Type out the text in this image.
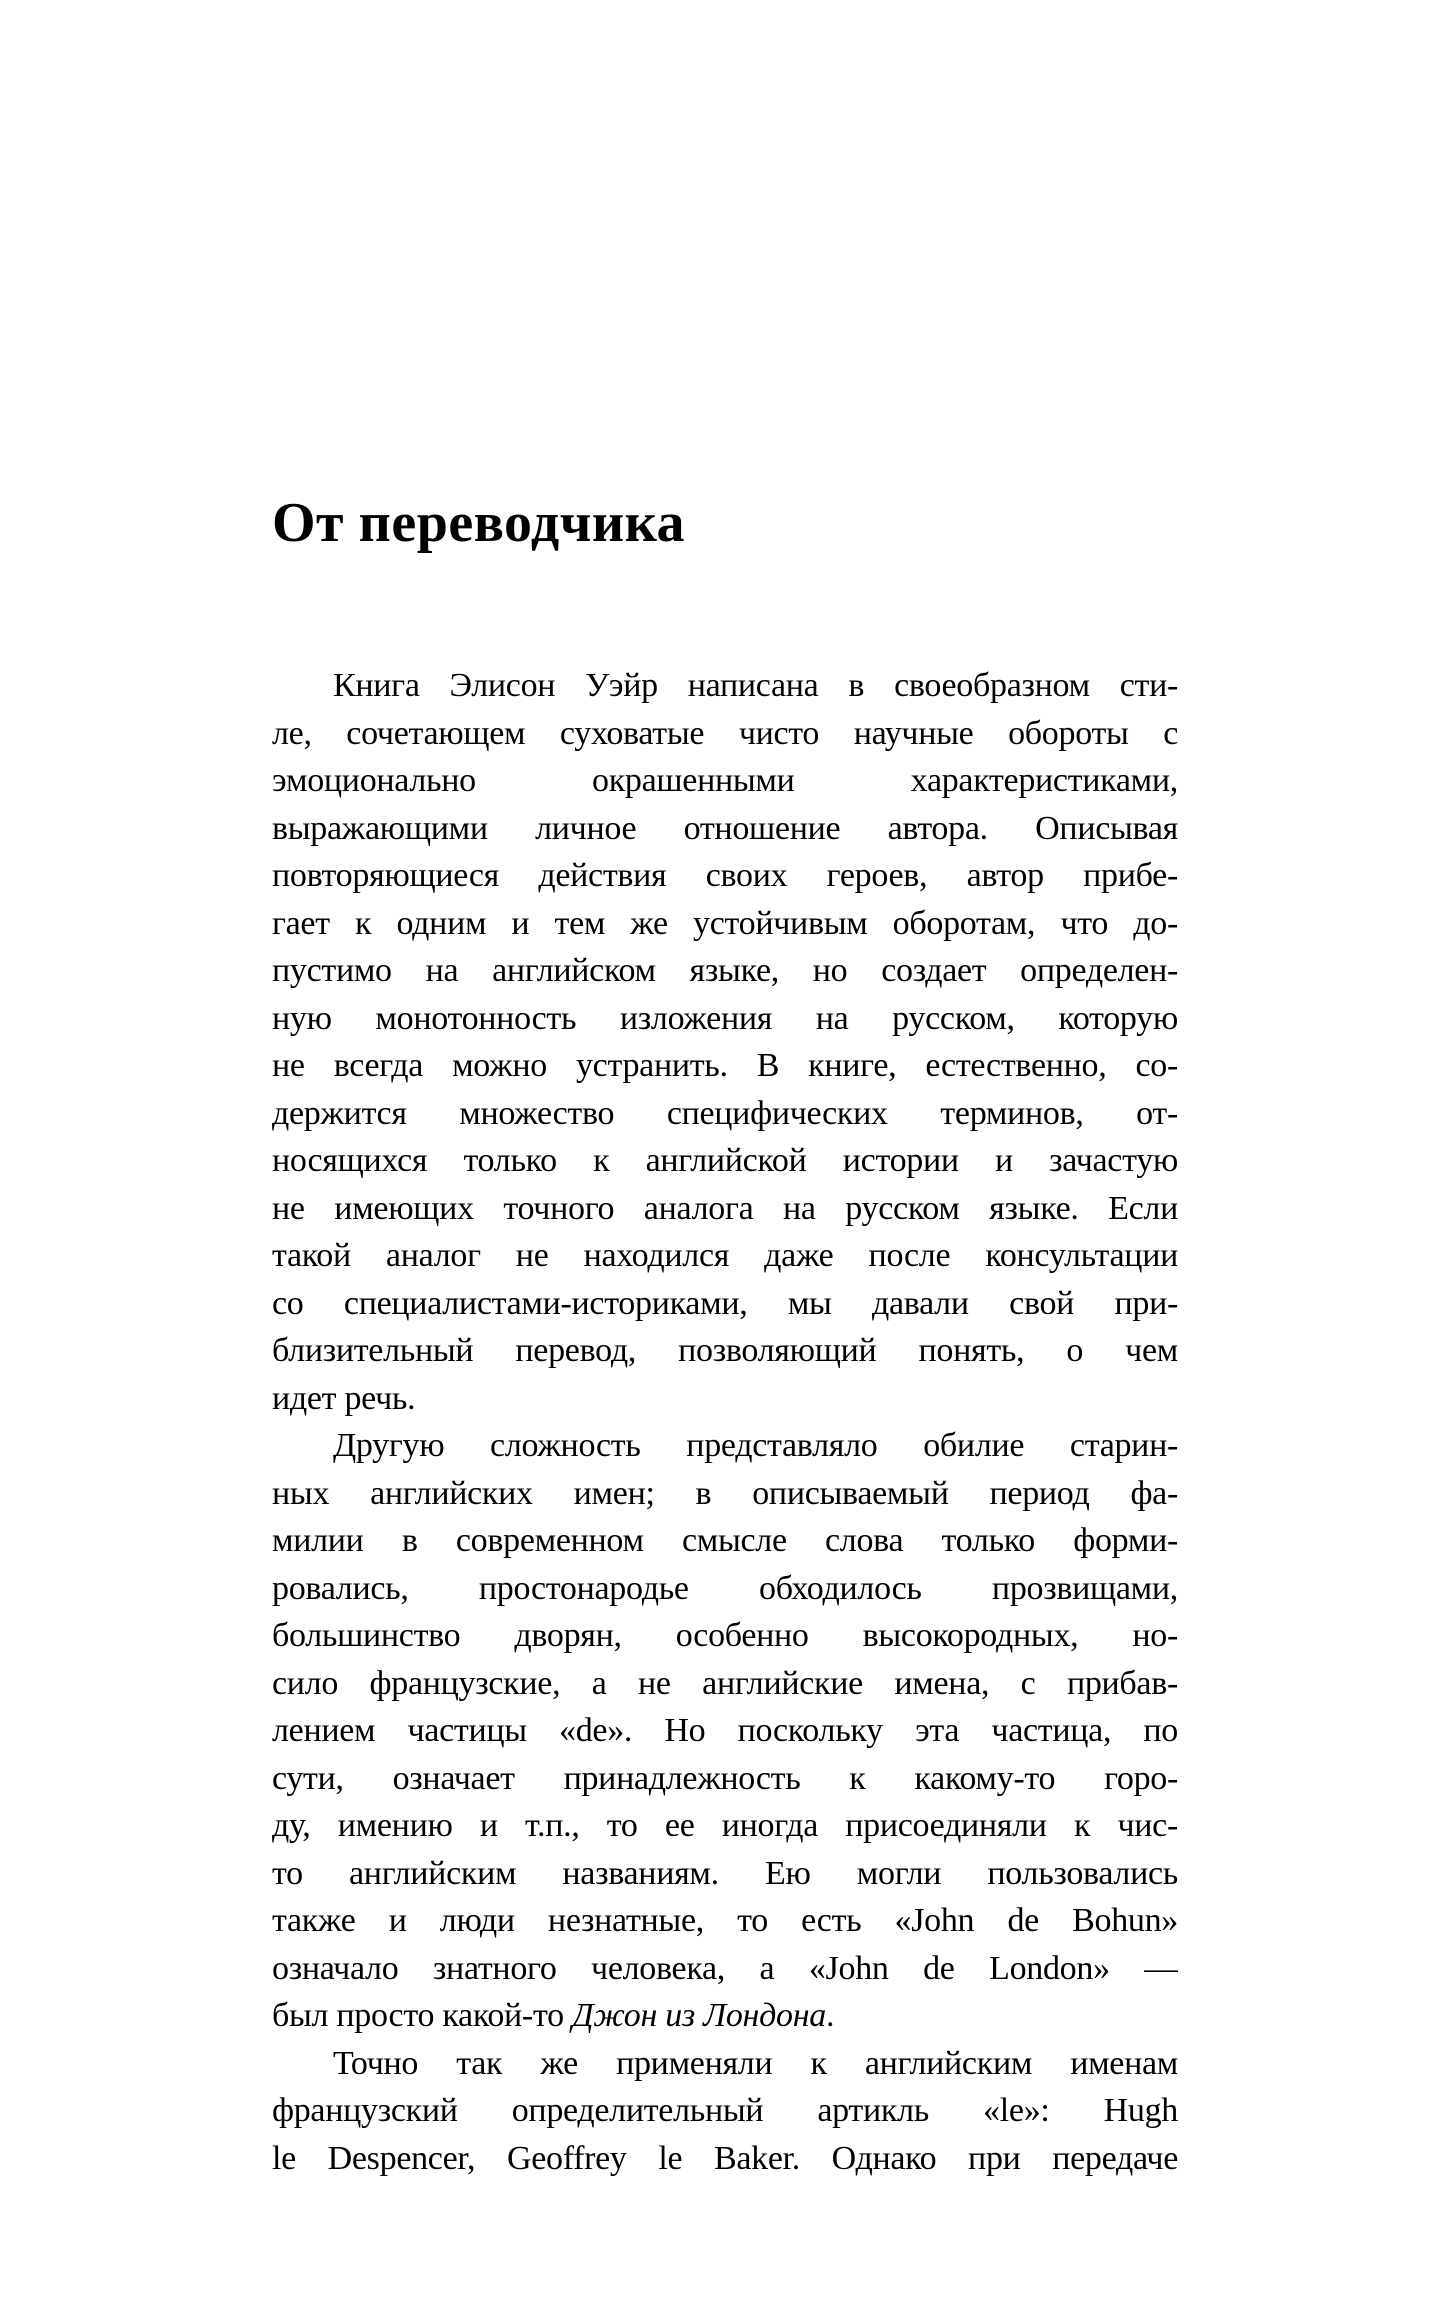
От переводчика
Книга Элисон Уэйр написана в своеобразном сти-
ле, сочетающем суховатые чисто научные обороты с
эмоционально окрашенными характеристиками,
выражающими личное отношение автора. Описывая
повторяющиеся действия своих героев, автор прибе-
гает к одним и тем же устойчивым оборотам, что до-
пустимо на английском языке, но создает определен-
ную монотонность изложения на русском, которую
не всегда можно устранить. В книге, естественно, со-
держится множество специфических терминов, от-
носящихся только к английской истории и зачастую
не имеющих точного аналога на русском языке. Если
такой аналог не находился даже после консультации
со специалистами-историками, мы давали свой при-
близительный перевод, позволяющий понять, о чем
идет речь.
Другую сложность представляло обилие старин-
ных английских имен; в описываемый период фа-
милии в современном смысле слова только форми-
ровались, простонародье обходилось прозвищами,
большинство дворян, особенно высокородных, но-
сило французские, а не английские имена, с прибав-
лением частицы «de». Но поскольку эта частица, по
сути, означает принадлежность к какому-то горо-
ду, имению и т.п., то ее иногда присоединяли к чис-
то английским названиям. Ею могли пользовались
также и люди незнатные, то есть «John de Bohun»
означало знатного человека, а «John de London» —
был просто какой-то Джон из Лондона.
Точно так же применяли к английским именам
французский определительный артикль «le»: Hugh
le Despencer, Geoffrey le Baker. Однако при передаче
